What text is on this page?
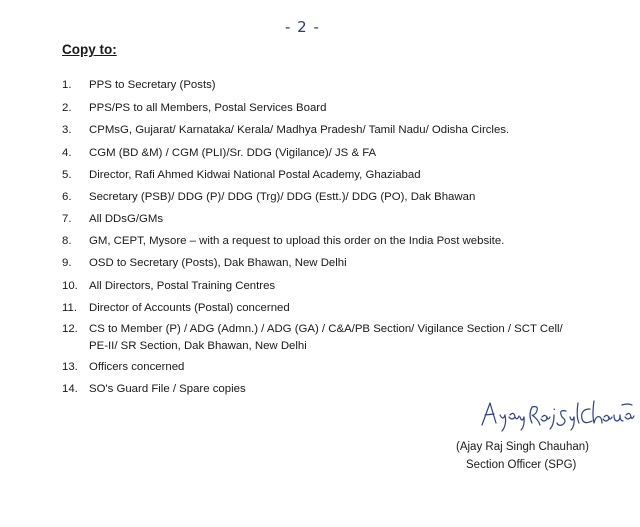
- 2 -
Copy to:
1. PPS to Secretary (Posts)
2. PPS/PS to all Members, Postal Services Board
3. CPMsG, Gujarat/ Karnataka/ Kerala/ Madhya Pradesh/ Tamil Nadu/ Odisha Circles.
4. CGM (BD &M) / CGM (PLI)/Sr. DDG (Vigilance)/ JS & FA
5. Director, Rafi Ahmed Kidwai National Postal Academy, Ghaziabad
6. Secretary (PSB)/ DDG (P)/ DDG (Trg)/ DDG (Estt.)/ DDG (PO), Dak Bhawan
7. All DDsG/GMs
8. GM, CEPT, Mysore – with a request to upload this order on the India Post website.
9. OSD to Secretary (Posts), Dak Bhawan, New Delhi
10. All Directors, Postal Training Centres
11. Director of Accounts (Postal) concerned
12. CS to Member (P) / ADG (Admn.) / ADG (GA) / C&A/PB Section/ Vigilance Section / SCT Cell/
PE-II/ SR Section, Dak Bhawan, New Delhi
13. Officers concerned
14. SO's Guard File / Spare copies
(Ajay Raj Singh Chauhan)
Section Officer (SPG)
